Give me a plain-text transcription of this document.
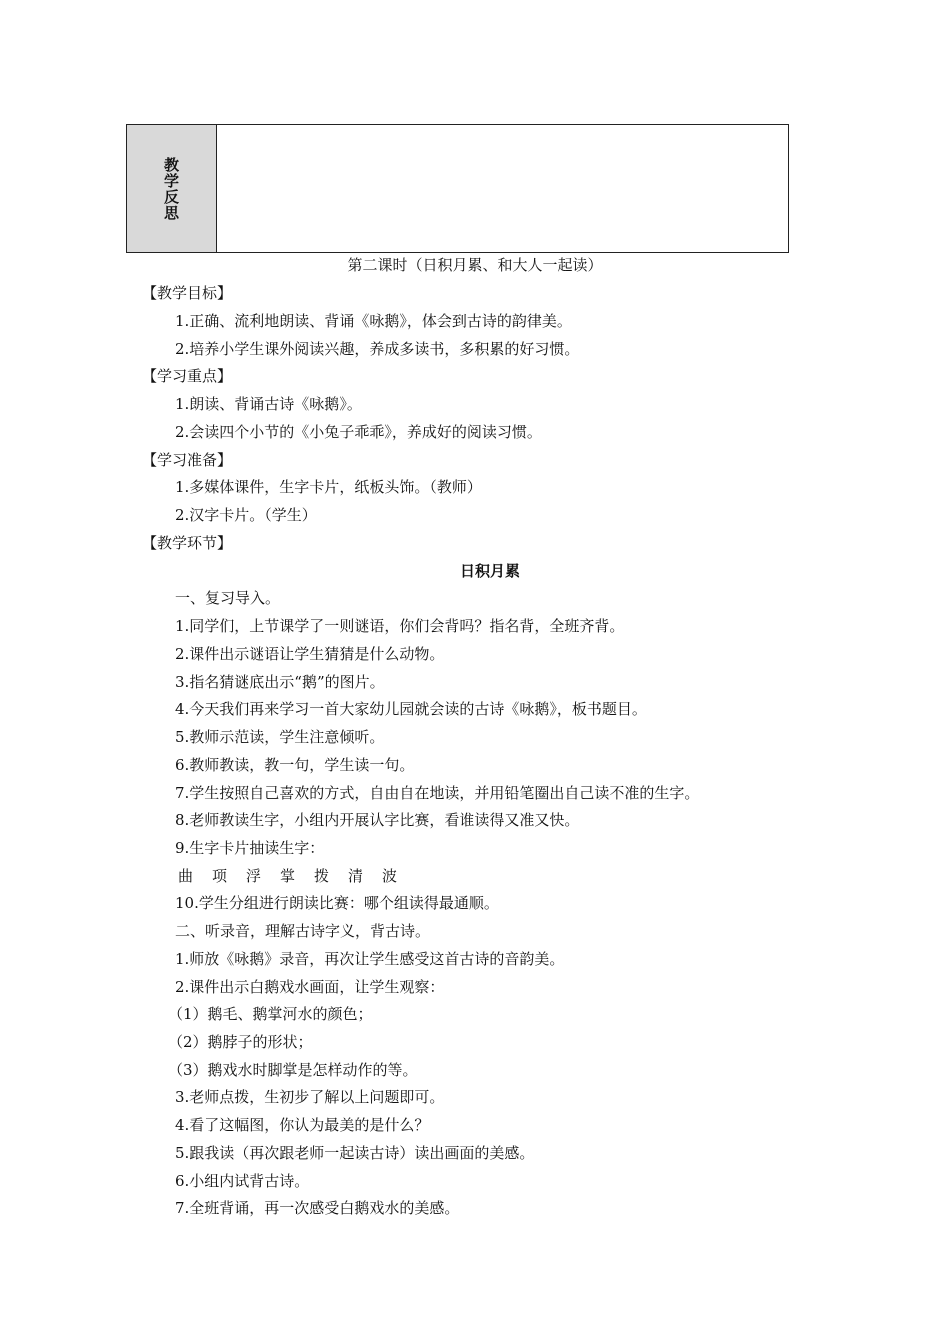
教学反思
第二课时（日积月累、和大人一起读）
【教学目标】
1.正确、流利地朗读、背诵《咏鹅》，体会到古诗的韵律美。
2.培养小学生课外阅读兴趣，养成多读书，多积累的好习惯。
【学习重点】
1.朗读、背诵古诗《咏鹅》。
2.会读四个小节的《小兔子乖乖》，养成好的阅读习惯。
【学习准备】
1.多媒体课件，生字卡片，纸板头饰。（教师）
2.汉字卡片。（学生）
【教学环节】
日积月累
一、复习导入。
1.同学们，上节课学了一则谜语，你们会背吗？指名背，全班齐背。
2.课件出示谜语让学生猜猜是什么动物。
3.指名猜谜底出示“鹅”的图片。
4.今天我们再来学习一首大家幼儿园就会读的古诗《咏鹅》，板书题目。
5.教师示范读，学生注意倾听。
6.教师教读，教一句，学生读一句。
7.学生按照自己喜欢的方式，自由自在地读，并用铅笔圈出自己读不准的生字。
8.老师教读生字，小组内开展认字比赛，看谁读得又准又快。
9.生字卡片抽读生字：
曲 项 浮 掌 拨 清 波
10.学生分组进行朗读比赛：哪个组读得最通顺。
二、听录音，理解古诗字义，背古诗。
1.师放《咏鹅》录音，再次让学生感受这首古诗的音韵美。
2.课件出示白鹅戏水画面，让学生观察：
（1）鹅毛、鹅掌河水的颜色；
（2）鹅脖子的形状；
（3）鹅戏水时脚掌是怎样动作的等。
3.老师点拨，生初步了解以上问题即可。
4.看了这幅图，你认为最美的是什么？
5.跟我读（再次跟老师一起读古诗）读出画面的美感。
6.小组内试背古诗。
7.全班背诵，再一次感受白鹅戏水的美感。
